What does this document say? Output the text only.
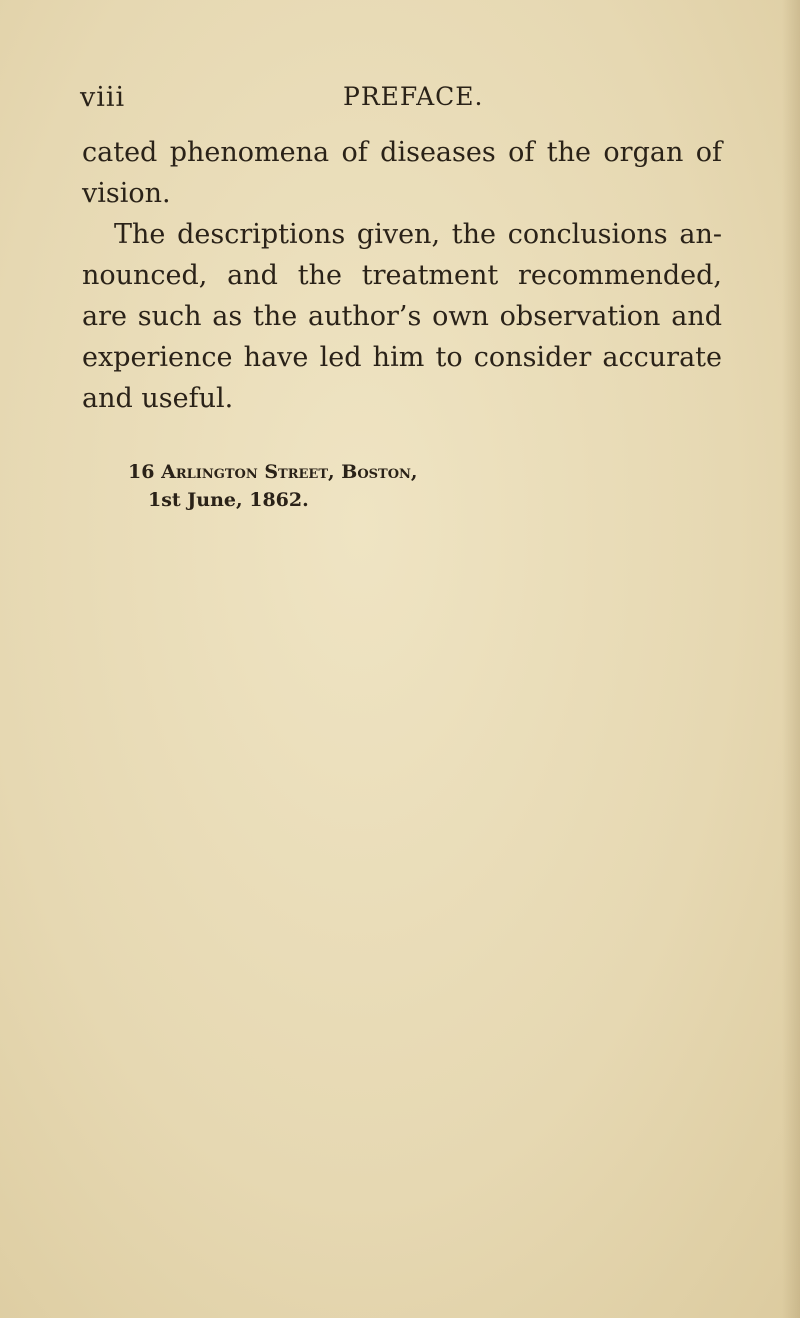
viii	PREFACE.
cated phenomena of diseases of the organ of
vision.
The descriptions given, the conclusions an-
nounced, and the treatment recommended,
are such as the author’s own observation and
experience have led him to consider accurate
and useful.
16 Arlington Street, Boston,
1st June, 1862.
